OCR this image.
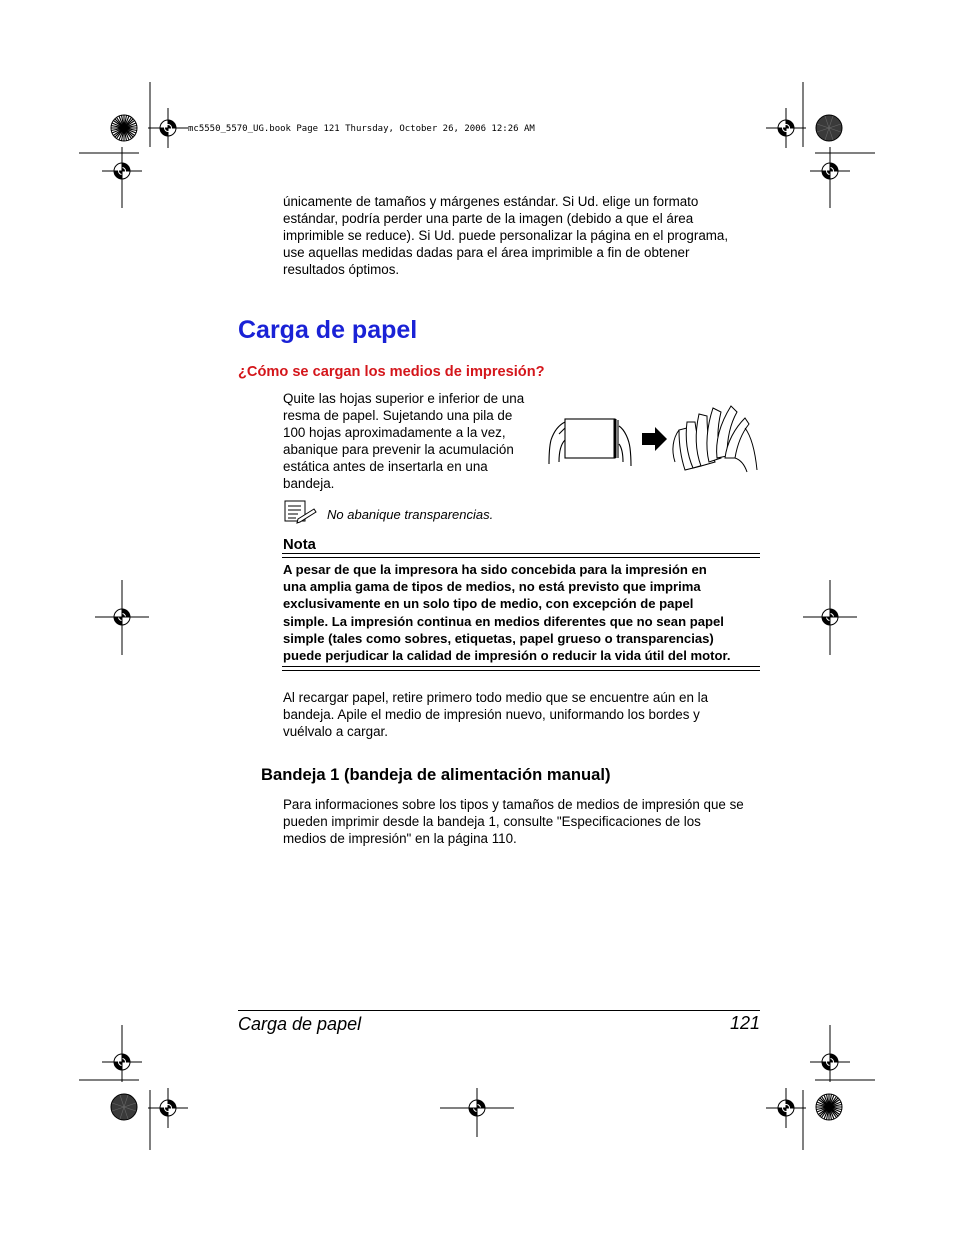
mc5550_5570_UG.book Page 121 Thursday, October 26, 2006 12:26 AM

únicamente de tamaños y márgenes estándar. Si Ud. elige un formato

estándar, podría perder una parte de la imagen (debido a que el área

imprimible se reduce). Si Ud. puede personalizar la página en el programa,

use aquellas medidas dadas para el área imprimible a fin de obtener

resultados óptimos.

Carga de papel
¿Cómo se cargan los medios de impresión?

Quite las hojas superior e inferior de una

resma de papel. Sujetando una pila de

100 hojas aproximadamente a la vez,

abanique para prevenir la acumulación

estática antes de insertarla en una

bandeja.

No abanique transparencias.
Nota
A pesar de que la impresora ha sido concebida para la impresión en
una amplia gama de tipos de medios, no está previsto que imprima
exclusivamente en un solo tipo de medio, con excepción de papel
simple. La impresión continua en medios diferentes que no sean papel
simple (tales como sobres, etiquetas, papel grueso o transparencias)
puede perjudicar la calidad de impresión o reducir la vida útil del motor.

Al recargar papel, retire primero todo medio que se encuentre aún en la

bandeja. Apile el medio de impresión nuevo, uniformando los bordes y

vuélvalo a cargar.

Bandeja 1 (bandeja de alimentación manual)

Para informaciones sobre los tipos y tamaños de medios de impresión que se

pueden imprimir desde la bandeja 1, consulte "Especificaciones de los

medios de impresión" en la página 110.

Carga de papel	121
